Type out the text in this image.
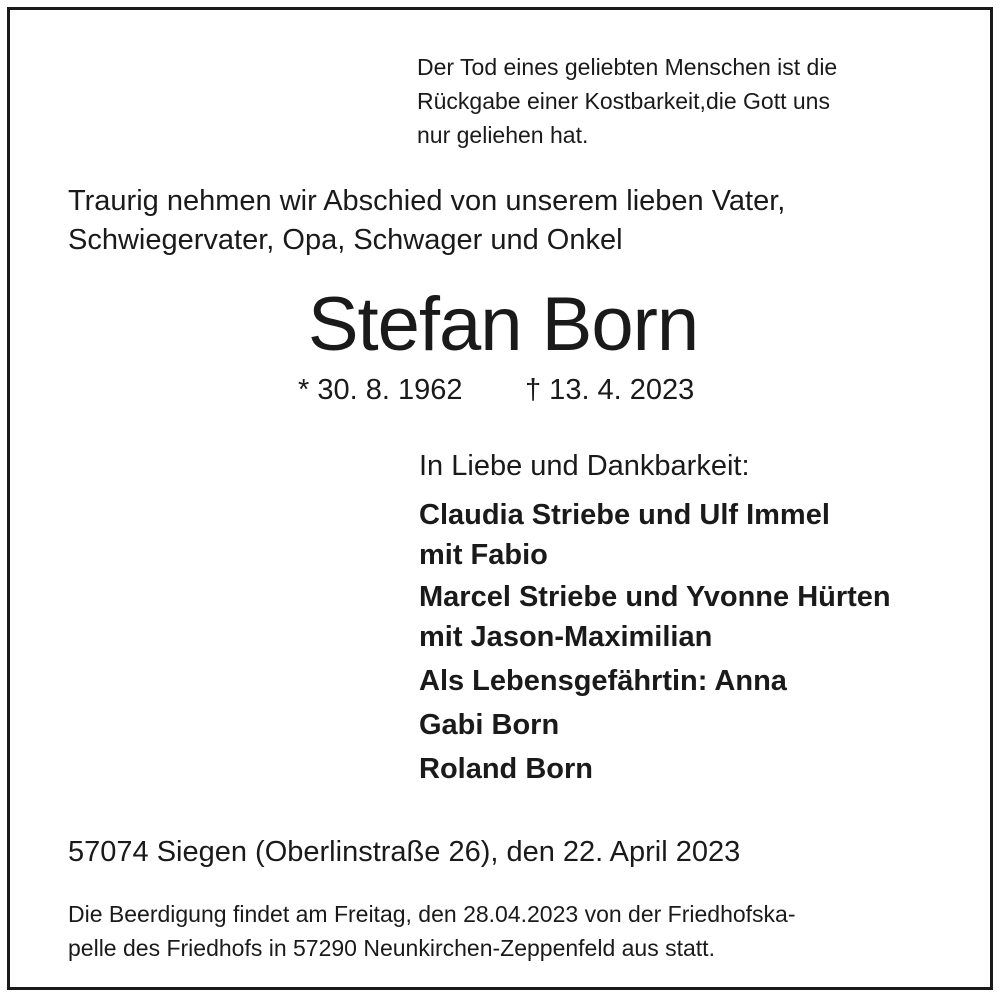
Der Tod eines geliebten Menschen ist die
Rückgabe einer Kostbarkeit,die Gott uns
nur geliehen hat.
Traurig nehmen wir Abschied von unserem lieben Vater,
Schwiegervater, Opa, Schwager und Onkel
Stefan Born
* 30. 8. 1962 † 13. 4. 2023
In Liebe und Dankbarkeit:
Claudia Striebe und Ulf Immel
mit Fabio
Marcel Striebe und Yvonne Hürten
mit Jason-Maximilian
Als Lebensgefährtin: Anna
Gabi Born
Roland Born
57074 Siegen (Oberlinstraße 26), den 22. April 2023
Die Beerdigung findet am Freitag, den 28.04.2023 von der Friedhofska-
pelle des Friedhofs in 57290 Neunkirchen-Zeppenfeld aus statt.
